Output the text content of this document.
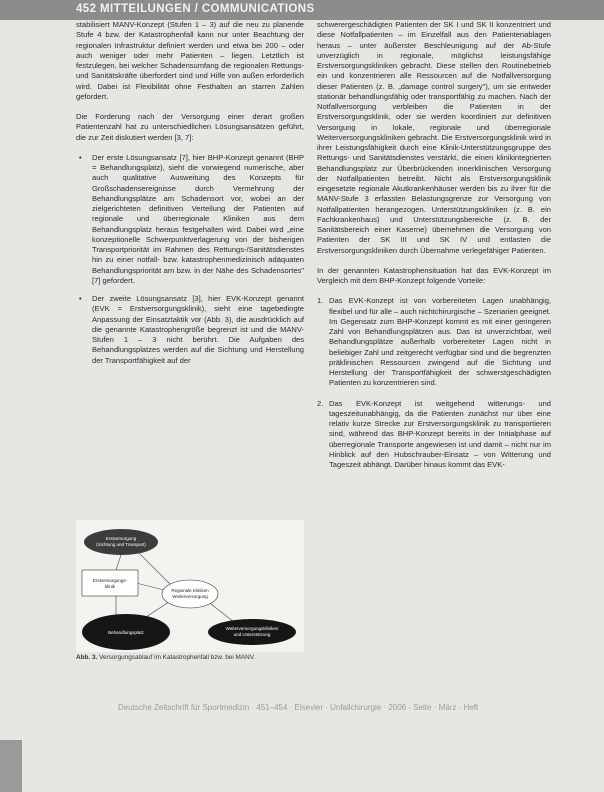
452 MITTEILUNGEN / COMMUNICATIONS

stabilisiert MANV-Konzept (Stufen 1 – 3) auf die neu zu planende Stufe 4 bzw. der Katastrophenfall kann nur unter Beachtung der regionalen Infrastruktur definiert werden und etwa bei 200 – oder auch weniger oder mehr Patienten – liegen. Letztlich ist festzulegen, bei welcher Schadensumfang die regionalen Rettungs- und Sanitätskräfte überfordert sind und Hilfe von außen erforderlich wird. Dabei ist Flexibilität ohne Festhalten an starren Zahlen gefordert.

Die Forderung nach der Versorgung einer derart großen Patientenzahl hat zu unterschiedlichen Lösungsansätzen geführt, die zur Zeit diskutiert werden [3, 7]:

• Der erste Lösungsansatz [7], hier BHP-Konzept genannt (BHP = Behandlungsplatz), sieht die vorwiegend numerische, aber auch qualitative Ausweitung des Konzepts für Großschadensereignisse durch Vermehrung der Behandlungsplätze am Schadensort vor, wobei an der zielgerichteten definitiven Verteilung der Patienten auf regionale und überregionale Kliniken aus dem Behandlungsplatz heraus festgehalten wird. Dabei wird „eine konzeptionelle Schwerpunktverlagerung von der bisherigen Transportpriorität im Rahmen des Rettungs-/Sanitätsdienstes hin zu einer notfall- bzw. katastrophenmedizinisch adäquaten Behandlungspriorität am bzw. in der Nähe des Schadensortes" [7] gefordert.
• Der zweite Lösungsansatz [3], hier EVK-Konzept genannt (EVK = Erstversorgungsklinik), sieht eine tagebedingte Anpassung der Einsatztaktik vor (Abb. 3), die ausdrücklich auf die genannte Katastrophengröße begrenzt ist und die MANV-Stufen 1 – 3 nicht berührt. Die Aufgaben des Behandlungsplatzes werden auf die Sichtung und Herstellung der Transportfähigkeit auf der

schwerergeschädigten Patienten der SK I und SK II konzentriert und diese Notfallpatienten – im Einzelfall aus den Patientenablagen heraus – unter äußerster Beschleunigung auf der Ab-Stufe unverzüglich in regionale, möglichst leistungsfähige Erstversorgungskliniken gebracht. Diese stellen den Routinebetrieb ein und konzentrieren alle Ressourcen auf die Notfallversorgung dieser Patienten (z. B. „damage control surgery"), um sie entweder stationär behandlungsfähig oder transportfähig zu machen. Nach der Notfallversorgung verbleiben die Patienten in der Erstversorgungsklinik, oder sie werden koordiniert zur definitiven Versorgung in lokale, regionale und überregionale Weiterversorgungskliniken gebracht. Die Erstversorgungsklinik wird in ihrer Leistungsfähigkeit durch eine Klinik-Unterstützungsgruppe des Rettungs- und Sanitätsdienstes verstärkt, die einen klinikintegrierten Behandlungsplatz zur Überbrückenden innerklinischen Versorgung der Notfallpatienten betreibt. Nicht als Erstversorgungsklinik eingesetzte regionale Akutkrankenhäuser werden bis zu ihrer für die MANV-Stufe 3 erfassten Belastungsgrenze zur Versorgung von Notfallpatienten herangezogen. Unterstützungskliniken (z. B. ein Fachkrankenhaus) und Unterstützungsbereiche (z. B. der Sanitätsbereich einer Kaserne) übernehmen die Versorgung von Patienten der SK III und SK IV und entlasten die Erstversorgungskliniken durch Übernahme verlegefähiger Patienten.

In der genannten Katastrophensituation hat das EVK-Konzept im Vergleich mit dem BHP-Konzept folgende Vorteile:

1. Das EVK-Konzept ist von vorbereiteten Lagen unabhängig, flexibel und für alle – auch nichtchirurgische – Szenarien geeignet. Im Gegensatz zum BHP-Konzept kommt es mit einer geringeren Zahl von Behandlungsplätzen aus. Das ist unverzichtbar, weil Behandlungsplätze außerhalb vorbereiteter Lagen nicht in beliebiger Zahl und zeitgerecht verfügbar sind und die begrenzten präklinischen Ressourcen zwingend auf die Sichtung und Herstellung der Transportfähigkeit der schwerstgeschädigten Patienten zu konzentrieren sind.
2. Das EVK-Konzept ist weitgehend witterungs- und tageszeitunabhängig, da die Patienten zunächst nur über eine relativ kurze Strecke zur Erstversorgungsklinik zu transportieren sind, während das BHP-Konzept bereits in der Initialphase auf überregionale Transporte angewiesen ist und damit – nicht nur im Hinblick auf den Hubschrauber-Einsatz – von Witterung und Tageszeit abhängt. Darüber hinaus kommt das EVK-
Erstversorgung
(Sichtung und Transport)
Erstversorgungs-
klinik
Regionale Kliniken
Weiterversorgung
Behandlungsplatz
Weiterversorgungskliniken
und Unterstützung
Abb. 3. Versorgungsablauf im Katastrophenfall bzw. bei MANV.
Deutsche Zeitschrift für Sportmedizin · 451–454 · Elsevier · Unfallchirurgie · 2006 · Seite · März · Heft
